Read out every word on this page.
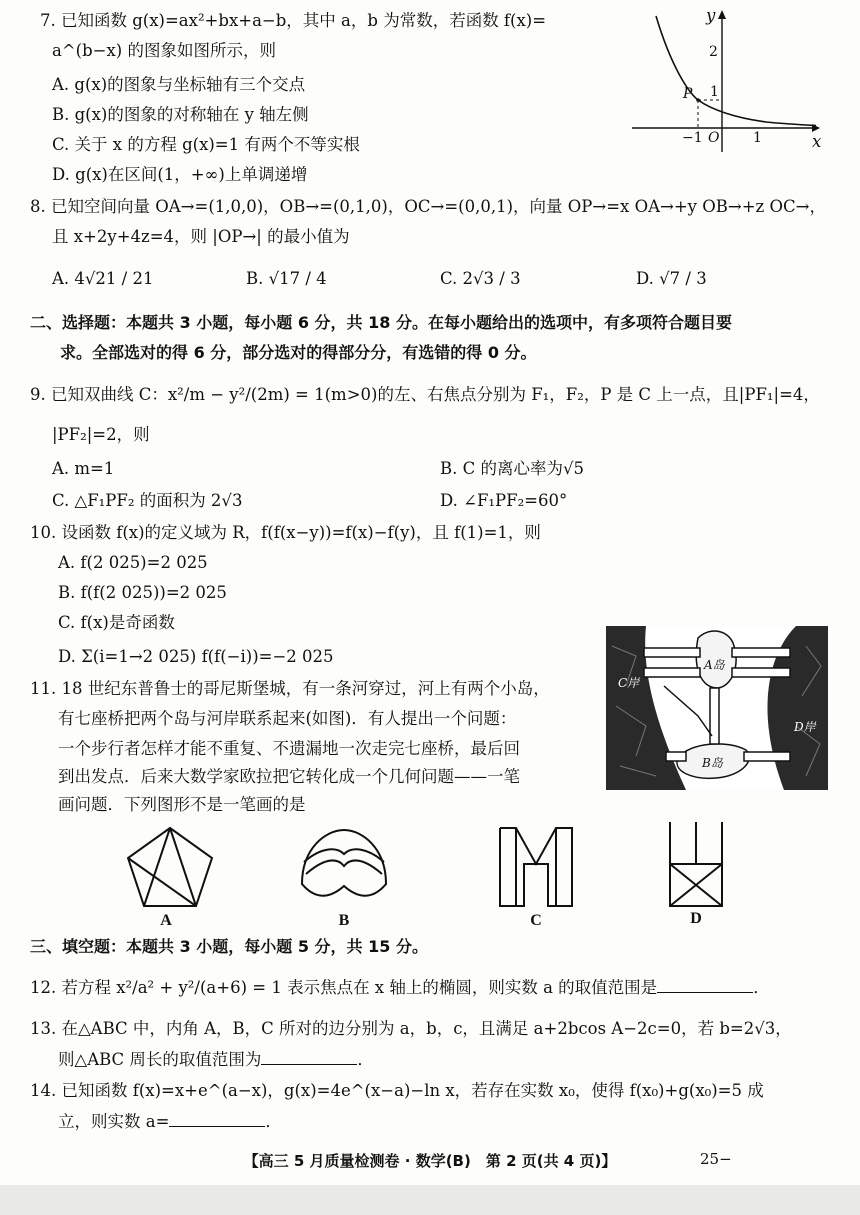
7. 已知函数 g(x)=ax²+bx+a−b，其中 a，b 为常数，若函数 f(x)=
a^(b−x) 的图象如图所示，则
A. g(x)的图象与坐标轴有三个交点
B. g(x)的图象的对称轴在 y 轴左侧
C. 关于 x 的方程 g(x)=1 有两个不等实根
D. g(x)在区间(1，+∞)上单调递增
y
x
O
P
2
1
−1	1
8. 已知空间向量 OA→=(1,0,0)，OB→=(0,1,0)，OC→=(0,0,1)，向量 OP→=x OA→+y OB→+z OC→，
且 x+2y+4z=4，则 |OP→| 的最小值为
A. 4√21 / 21	B. √17 / 4	C. 2√3 / 3	D. √7 / 3
二、选择题：本题共 3 小题，每小题 6 分，共 18 分。在每小题给出的选项中，有多项符合题目要
求。全部选对的得 6 分，部分选对的得部分分，有选错的得 0 分。
9. 已知双曲线 C：x²/m − y²/(2m) = 1(m>0)的左、右焦点分别为 F₁，F₂，P 是 C 上一点，且|PF₁|=4，
|PF₂|=2，则
A. m=1	B. C 的离心率为√5
C. △F₁PF₂ 的面积为 2√3	D. ∠F₁PF₂=60°
10. 设函数 f(x)的定义域为 R，f(f(x−y))=f(x)−f(y)，且 f(1)=1，则
A. f(2 025)=2 025
B. f(f(2 025))=2 025
C. f(x)是奇函数
D. Σ(i=1→2 025) f(f(−i))=−2 025
C岸
A岛
B岛
D岸
11. 18 世纪东普鲁士的哥尼斯堡城，有一条河穿过，河上有两个小岛，
有七座桥把两个岛与河岸联系起来(如图)．有人提出一个问题：
一个步行者怎样才能不重复、不遗漏地一次走完七座桥，最后回
到出发点．后来大数学家欧拉把它转化成一个几何问题——一笔
画问题．下列图形不是一笔画的是
A	B	C	D
三、填空题：本题共 3 小题，每小题 5 分，共 15 分。
12. 若方程 x²/a² + y²/(a+6) = 1 表示焦点在 x 轴上的椭圆，则实数 a 的取值范围是	．
13. 在△ABC 中，内角 A，B，C 所对的边分别为 a，b，c，且满足 a+2bcos A−2c=0，若 b=2√3，
则△ABC 周长的取值范围为	．
14. 已知函数 f(x)=x+e^(a−x)，g(x)=4e^(x−a)−ln x，若存在实数 x₀，使得 f(x₀)+g(x₀)=5 成
立，则实数 a=	．
【高三 5 月质量检测卷 · 数学(B)　第 2 页(共 4 页)】	25−
